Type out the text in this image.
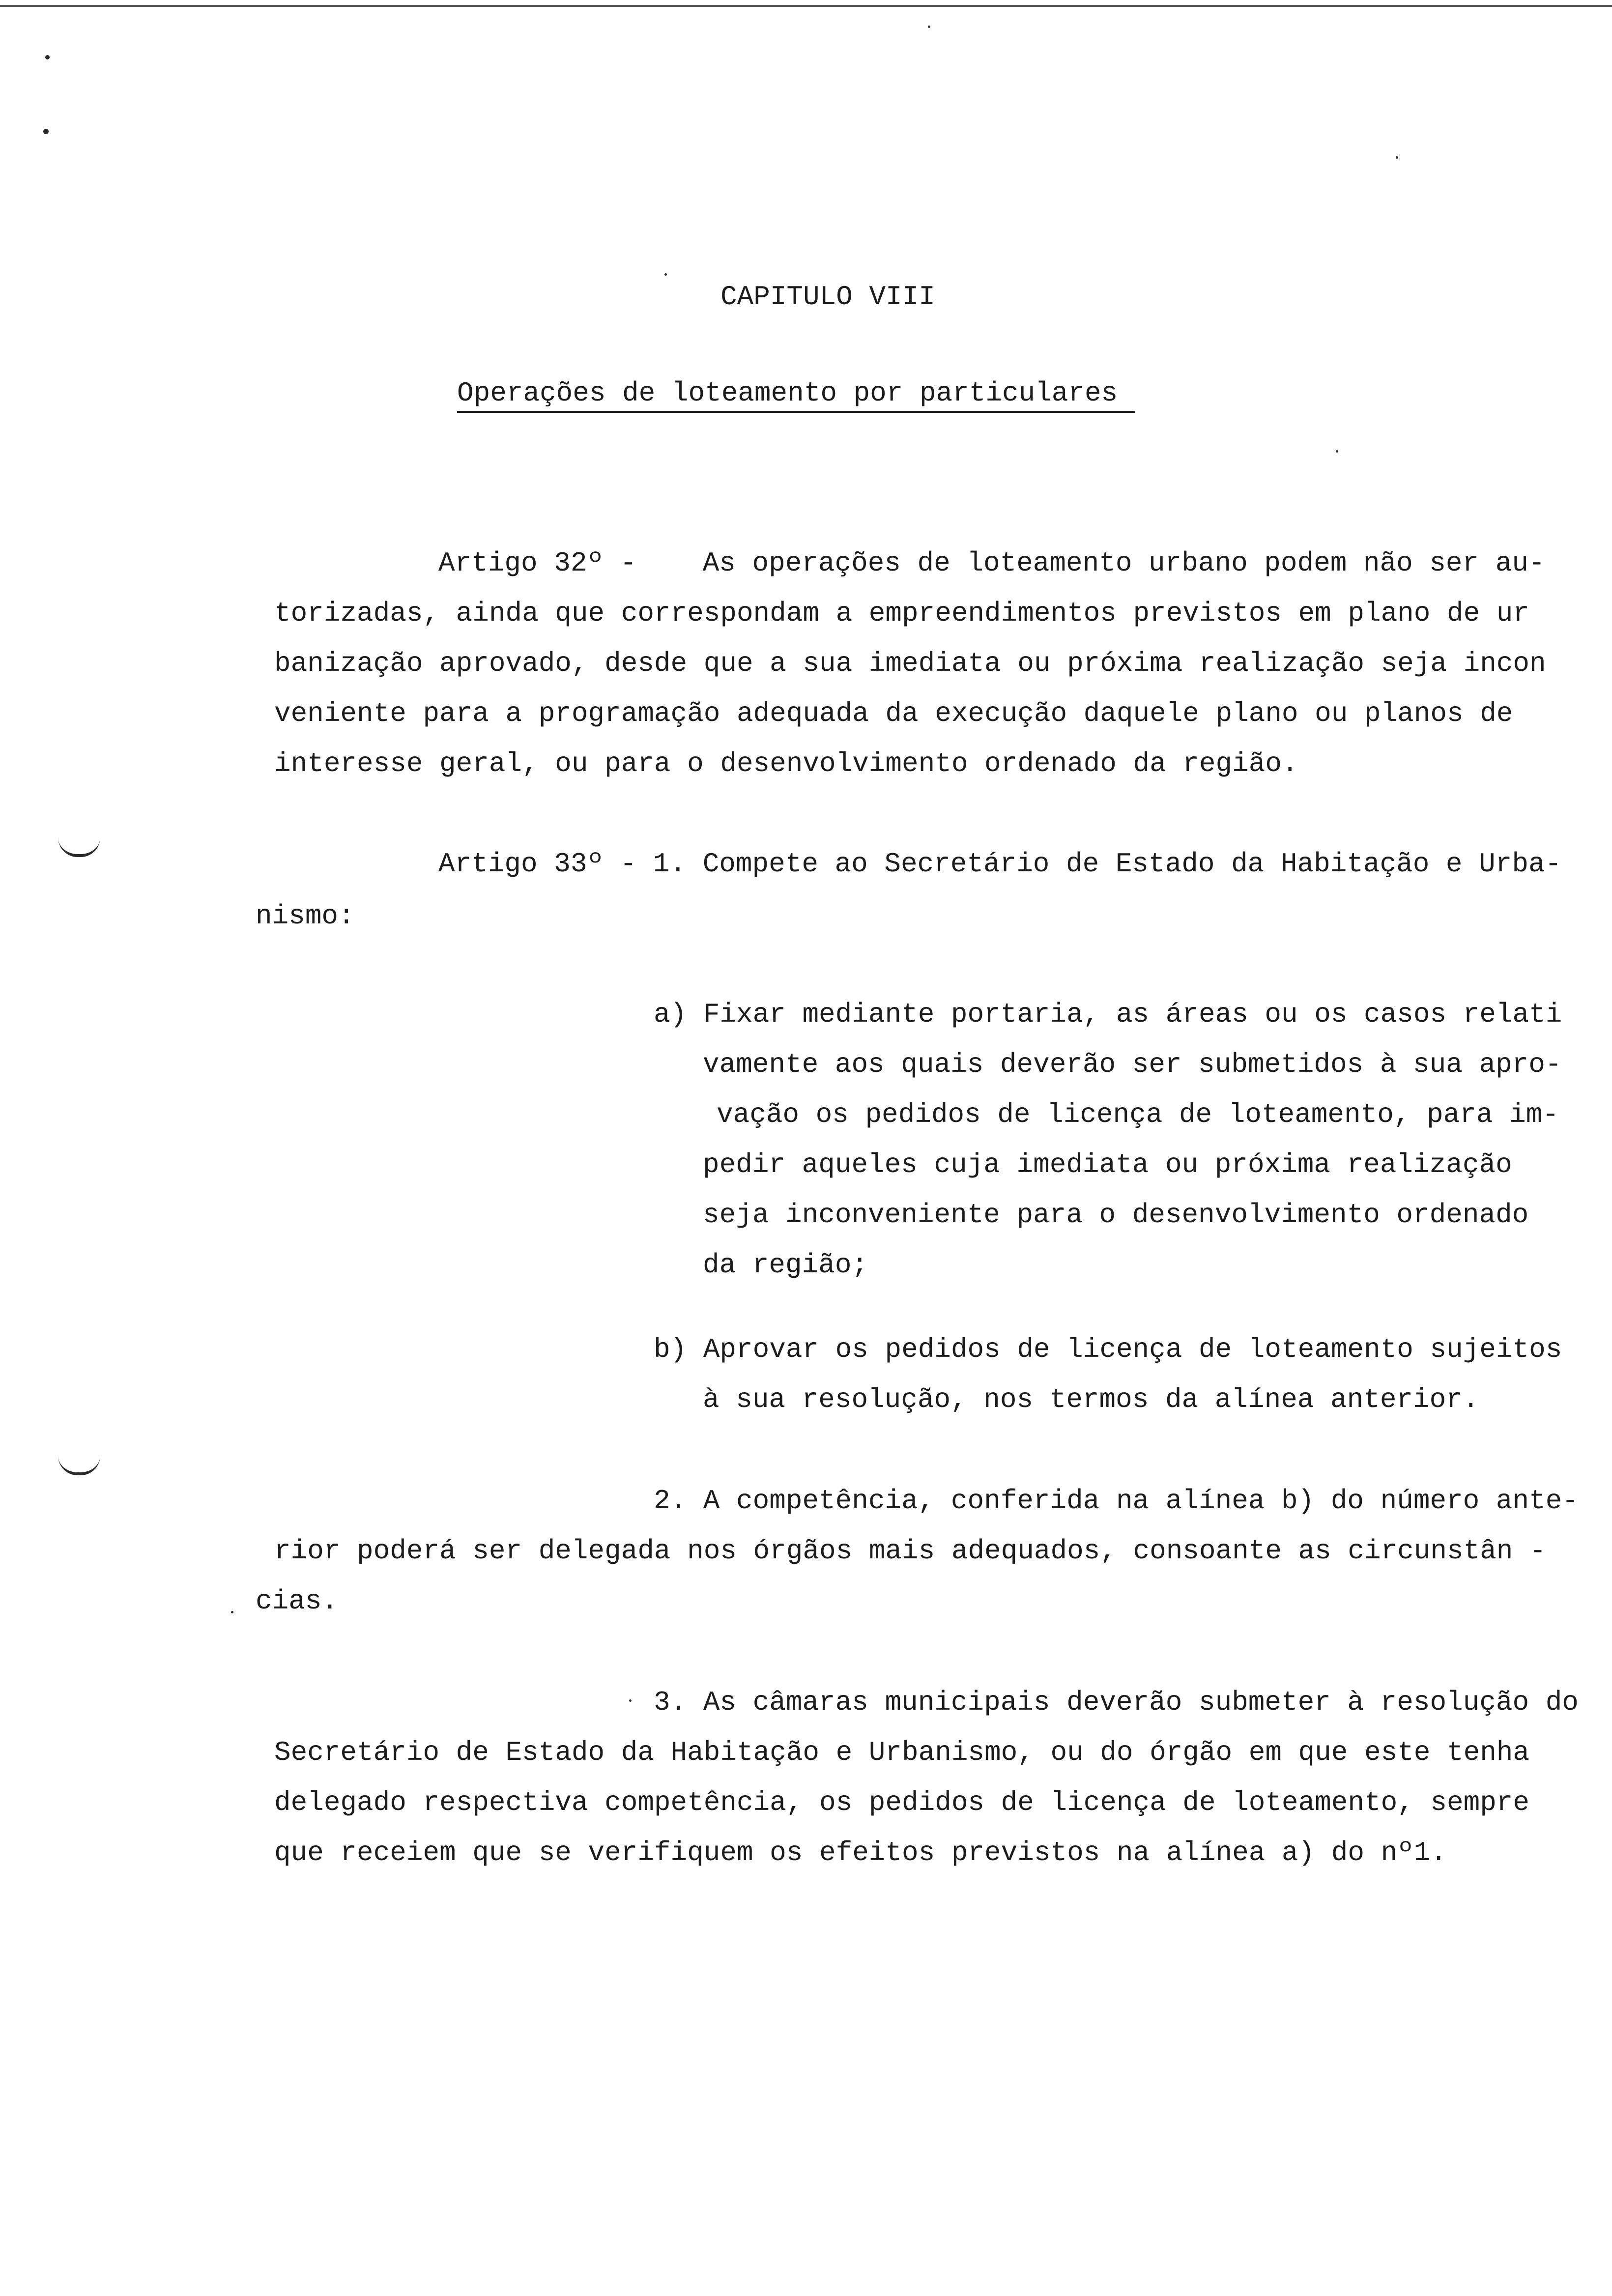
CAPITULO VIII
Operações de loteamento por particulares
Artigo 32º -    As operações de loteamento urbano podem não ser au-
torizadas, ainda que correspondam a empreendimentos previstos em plano de ur
banização aprovado, desde que a sua imediata ou próxima realização seja incon
veniente para a programação adequada da execução daquele plano ou planos de
interesse geral, ou para o desenvolvimento ordenado da região.
Artigo 33º - 1. Compete ao Secretário de Estado da Habitação e Urba-
nismo:
a) Fixar mediante portaria, as áreas ou os casos relati
vamente aos quais deverão ser submetidos à sua apro-
vação os pedidos de licença de loteamento, para im-
pedir aqueles cuja imediata ou próxima realização
seja inconveniente para o desenvolvimento ordenado
da região;
b) Aprovar os pedidos de licença de loteamento sujeitos
à sua resolução, nos termos da alínea anterior.
2. A competência, conferida na alínea b) do número ante-
rior poderá ser delegada nos órgãos mais adequados, consoante as circunstân -
cias.
3. As câmaras municipais deverão submeter à resolução do
Secretário de Estado da Habitação e Urbanismo, ou do órgão em que este tenha
delegado respectiva competência, os pedidos de licença de loteamento, sempre
que receiem que se verifiquem os efeitos previstos na alínea a) do nº1.
